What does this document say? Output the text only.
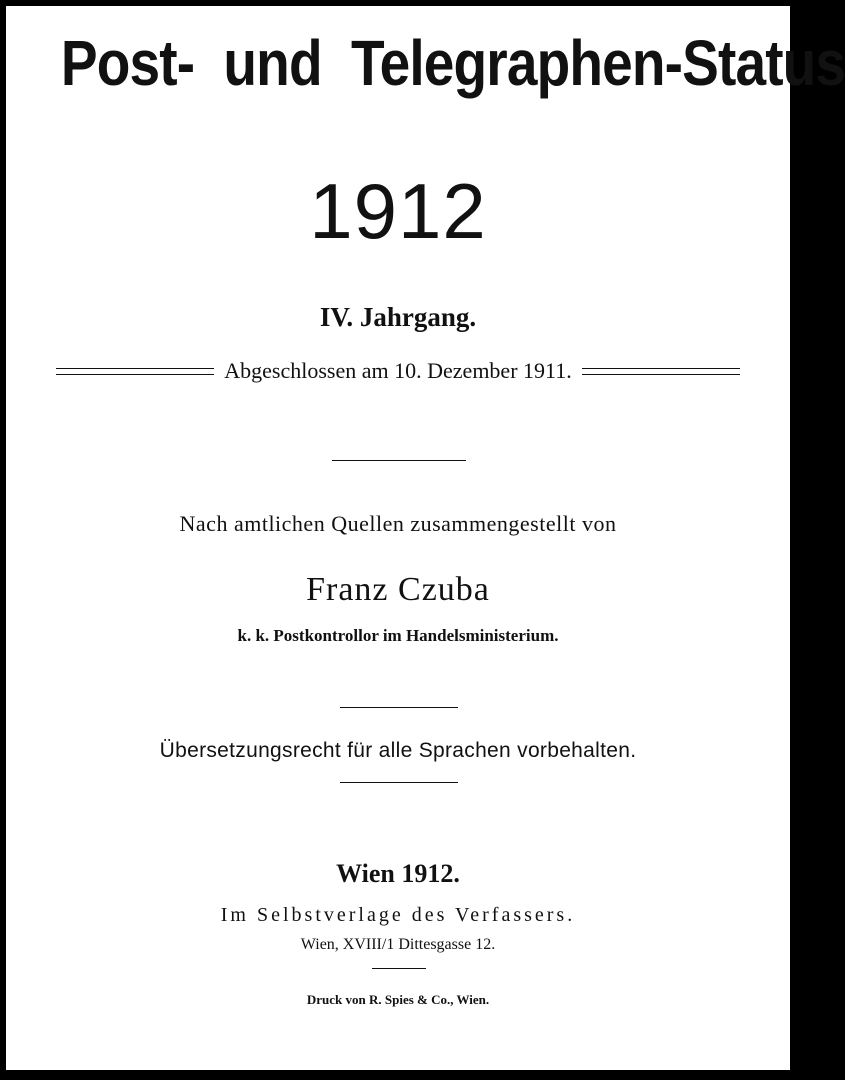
Post- und Telegraphen-Status
1912
IV. Jahrgang.
Abgeschlossen am 10. Dezember 1911.
Nach amtlichen Quellen zusammengestellt von
Franz Czuba
k. k. Postkontrollor im Handelsministerium.
Übersetzungsrecht für alle Sprachen vorbehalten.
Wien 1912.
Im Selbstverlage des Verfassers.
Wien, XVIII/1 Dittesgasse 12.
Druck von R. Spies & Co., Wien.
